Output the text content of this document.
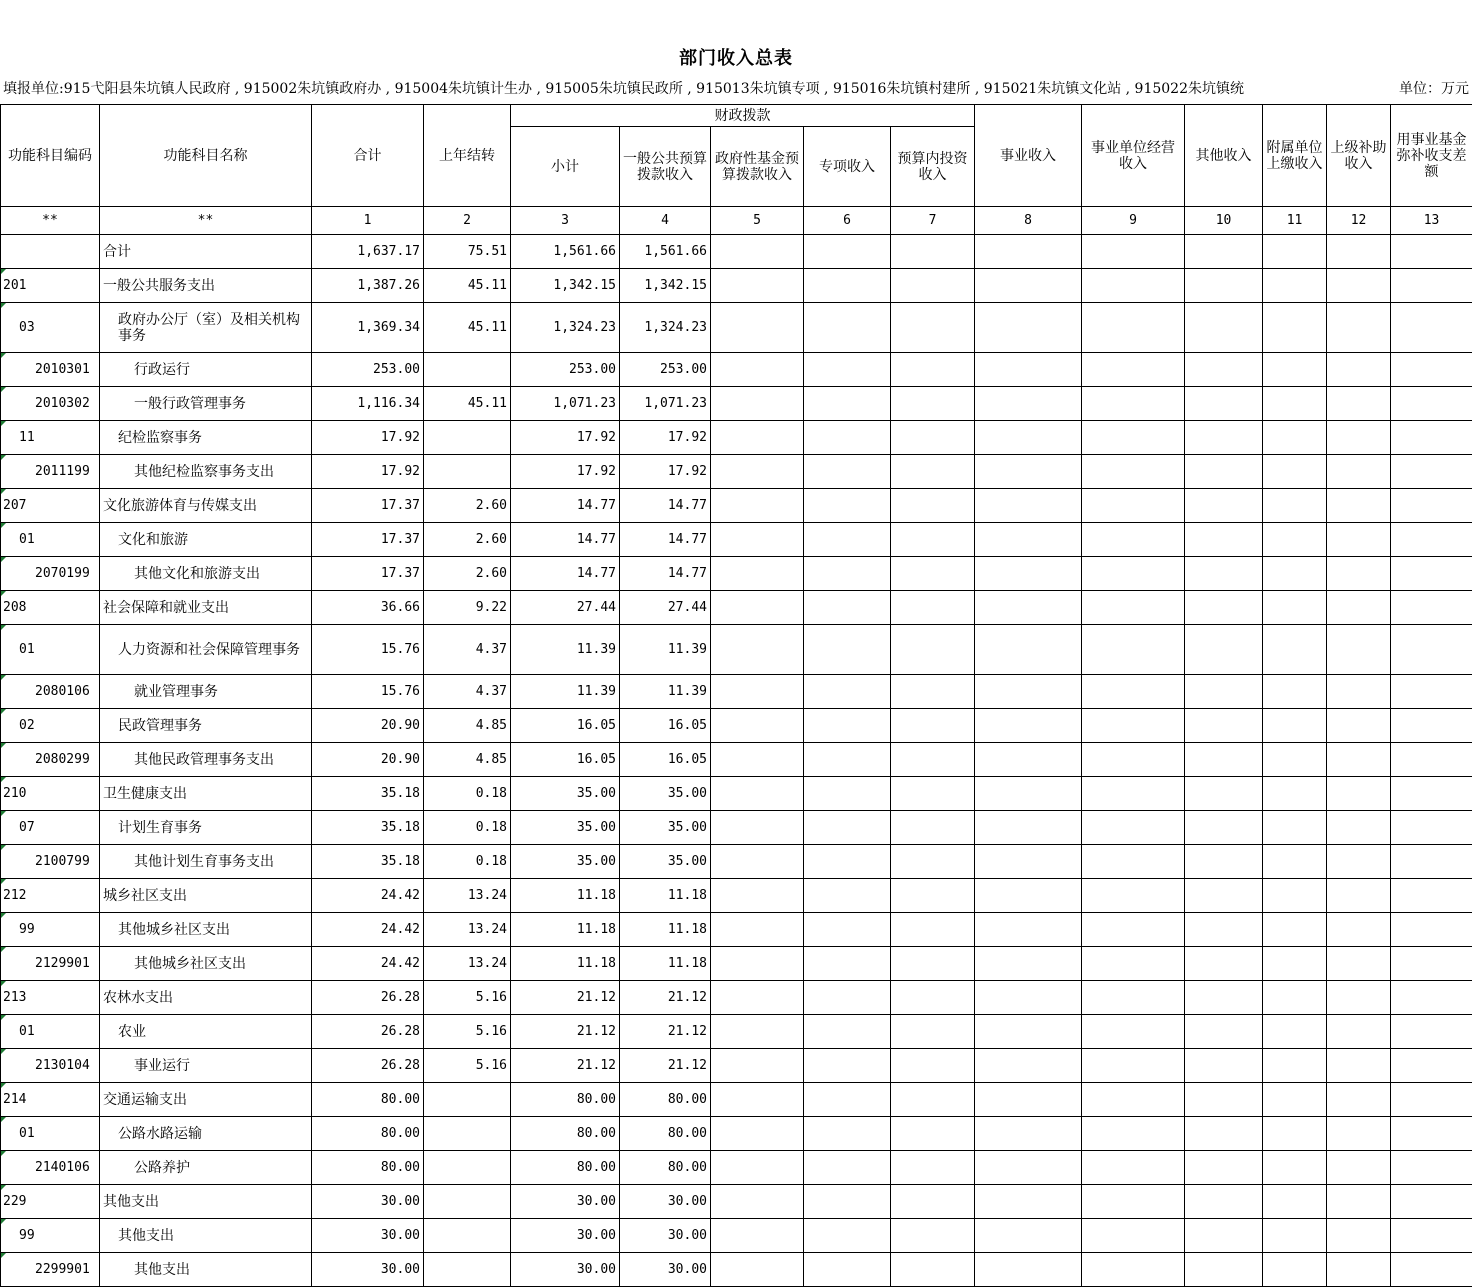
部门收入总表
填报单位:915弋阳县朱坑镇人民政府 , 915002朱坑镇政府办 , 915004朱坑镇计生办 , 915005朱坑镇民政所 , 915013朱坑镇专项 , 915016朱坑镇村建所 , 915021朱坑镇文化站 , 915022朱坑镇统	单位：万元
功能科目编码	功能科目名称	合计	上年结转	财政拨款					事业收入	事业单位经营收入	其他收入	附属单位上缴收入	上级补助收入	用事业基金弥补收支差额
				小计	一般公共预算拨款收入	政府性基金预算拨款收入	专项收入	预算内投资收入						
**	**	1	2	3	4	5	6	7	8	9	10	11	12	13
	合计	1,637.17	75.51	1,561.66	1,561.66									
201	一般公共服务支出	1,387.26	45.11	1,342.15	1,342.15									
03	政府办公厅（室）及相关机构事务	1,369.34	45.11	1,324.23	1,324.23									
2010301	行政运行	253.00		253.00	253.00									
2010302	一般行政管理事务	1,116.34	45.11	1,071.23	1,071.23									
11	纪检监察事务	17.92		17.92	17.92									
2011199	其他纪检监察事务支出	17.92		17.92	17.92									
207	文化旅游体育与传媒支出	17.37	2.60	14.77	14.77									
01	文化和旅游	17.37	2.60	14.77	14.77									
2070199	其他文化和旅游支出	17.37	2.60	14.77	14.77									
208	社会保障和就业支出	36.66	9.22	27.44	27.44									
01	人力资源和社会保障管理事务	15.76	4.37	11.39	11.39									
2080106	就业管理事务	15.76	4.37	11.39	11.39									
02	民政管理事务	20.90	4.85	16.05	16.05									
2080299	其他民政管理事务支出	20.90	4.85	16.05	16.05									
210	卫生健康支出	35.18	0.18	35.00	35.00									
07	计划生育事务	35.18	0.18	35.00	35.00									
2100799	其他计划生育事务支出	35.18	0.18	35.00	35.00									
212	城乡社区支出	24.42	13.24	11.18	11.18									
99	其他城乡社区支出	24.42	13.24	11.18	11.18									
2129901	其他城乡社区支出	24.42	13.24	11.18	11.18									
213	农林水支出	26.28	5.16	21.12	21.12									
01	农业	26.28	5.16	21.12	21.12									
2130104	事业运行	26.28	5.16	21.12	21.12									
214	交通运输支出	80.00		80.00	80.00									
01	公路水路运输	80.00		80.00	80.00									
2140106	公路养护	80.00		80.00	80.00									
229	其他支出	30.00		30.00	30.00									
99	其他支出	30.00		30.00	30.00									
2299901	其他支出	30.00		30.00	30.00									
